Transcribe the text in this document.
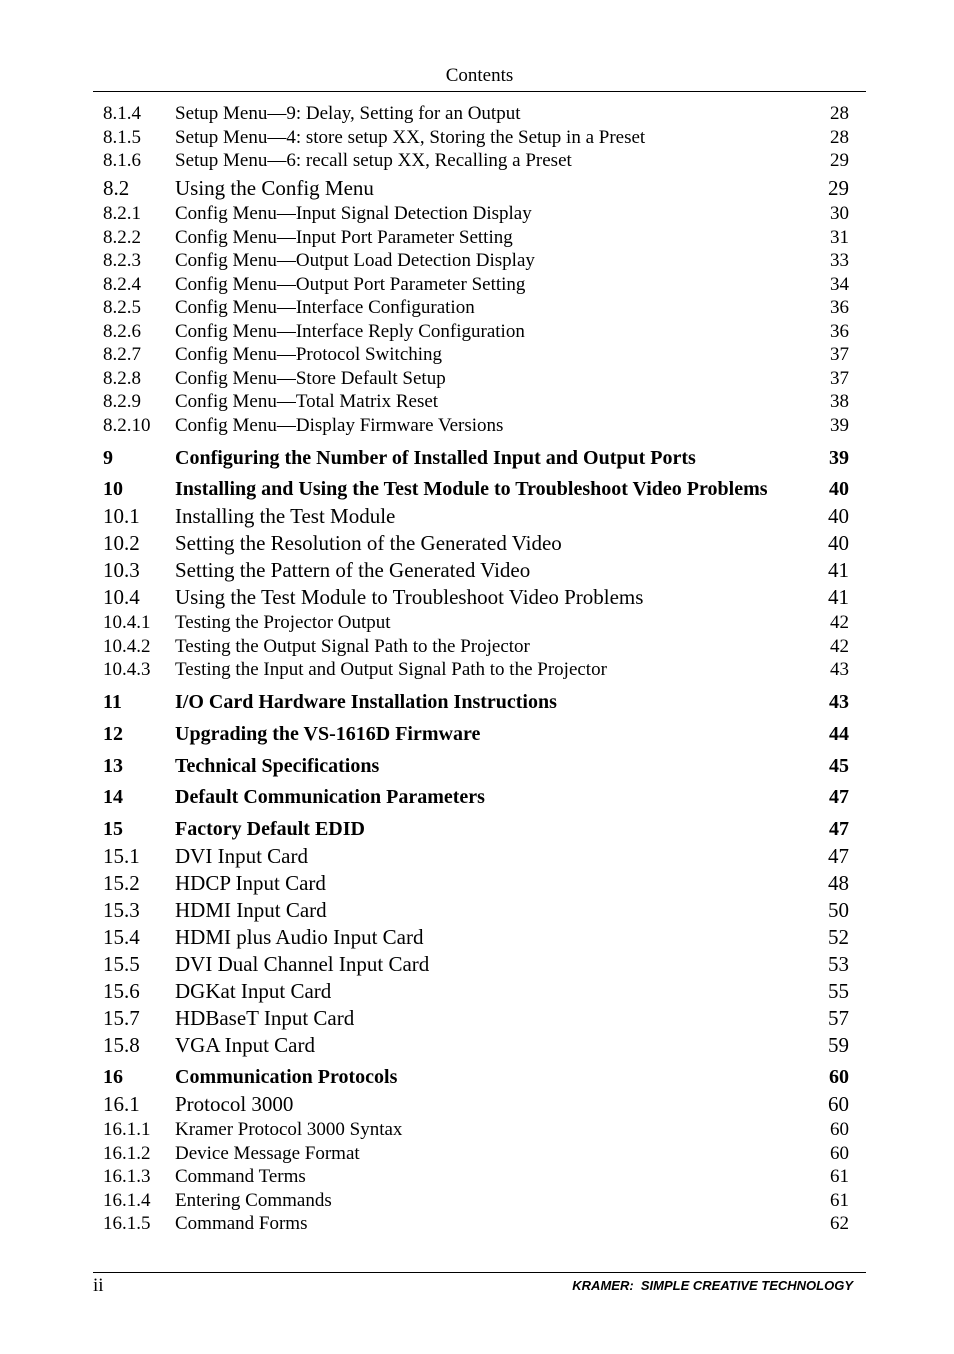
Contents
8.1.4 Setup Menu—9: Delay, Setting for an Output	28
8.1.5 Setup Menu—4: store setup XX, Storing the Setup in a Preset	28
8.1.6 Setup Menu—6: recall setup XX, Recalling a Preset	29
8.2 Using the Config Menu	29
8.2.1 Config Menu—Input Signal Detection Display	30
8.2.2 Config Menu—Input Port Parameter Setting	31
8.2.3 Config Menu—Output Load Detection Display	33
8.2.4 Config Menu—Output Port Parameter Setting	34
8.2.5 Config Menu—Interface Configuration	36
8.2.6 Config Menu—Interface Reply Configuration	36
8.2.7 Config Menu—Protocol Switching	37
8.2.8 Config Menu—Store Default Setup	37
8.2.9 Config Menu—Total Matrix Reset	38
8.2.10 Config Menu—Display Firmware Versions	39
9	Configuring the Number of Installed Input and Output Ports	39
10	Installing and Using the Test Module to Troubleshoot Video Problems	40
10.1 Installing the Test Module	40
10.2 Setting the Resolution of the Generated Video	40
10.3 Setting the Pattern of the Generated Video	41
10.4 Using the Test Module to Troubleshoot Video Problems	41
10.4.1 Testing the Projector Output	42
10.4.2 Testing the Output Signal Path to the Projector	42
10.4.3 Testing the Input and Output Signal Path to the Projector	43
11	I/O Card Hardware Installation Instructions	43
12	Upgrading the VS-1616D Firmware	44
13	Technical Specifications	45
14	Default Communication Parameters	47
15	Factory Default EDID	47
15.1 DVI Input Card	47
15.2 HDCP Input Card	48
15.3 HDMI Input Card	50
15.4 HDMI plus Audio Input Card	52
15.5 DVI Dual Channel Input Card	53
15.6 DGKat Input Card	55
15.7 HDBaseT Input Card	57
15.8 VGA Input Card	59
16	Communication Protocols	60
16.1 Protocol 3000	60
16.1.1 Kramer Protocol 3000 Syntax	60
16.1.2 Device Message Format	60
16.1.3 Command Terms	61
16.1.4 Entering Commands	61
16.1.5 Command Forms	62
ii	KRAMER:  SIMPLE CREATIVE TECHNOLOGY
